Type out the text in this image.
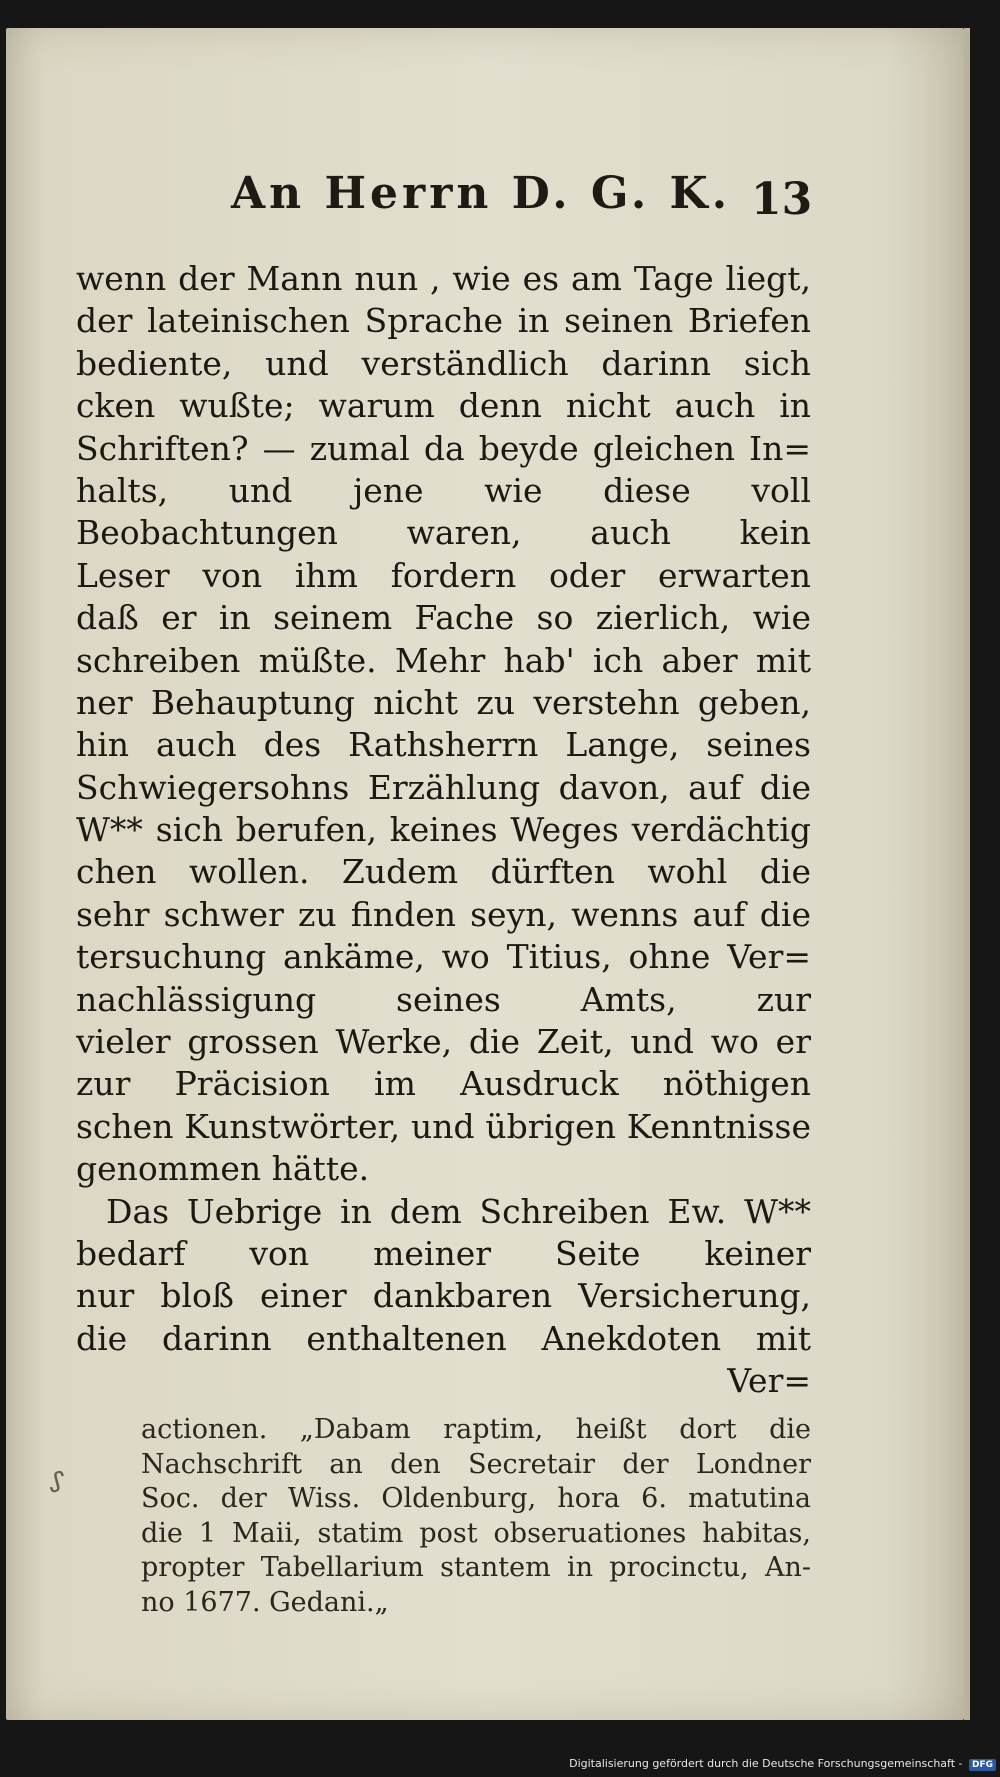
An Herrn D. G. K. 13
wenn der Mann nun , wie es am Tage liegt,
der lateinischen Sprache in seinen Briefen
bediente, und verständlich darinn sich
cken wußte; warum denn nicht auch in
Schriften? — zumal da beyde gleichen In=
halts, und jene wie diese voll
Beobachtungen waren, auch kein
Leser von ihm fordern oder erwarten
daß er in seinem Fache so zierlich, wie
schreiben müßte. Mehr hab' ich aber mit
ner Behauptung nicht zu verstehn geben,
hin auch des Rathsherrn Lange, seines
Schwiegersohns Erzählung davon, auf die
W** sich berufen, keines Weges verdächtig
chen wollen. Zudem dürften wohl die
sehr schwer zu finden seyn, wenns auf die
tersuchung ankäme, wo Titius, ohne Ver=
nachlässigung seines Amts, zur
vieler grossen Werke, die Zeit, und wo er
zur Präcision im Ausdruck nöthigen
schen Kunstwörter, und übrigen Kenntnisse
genommen hätte.
Das Uebrige in dem Schreiben Ew. W**
bedarf von meiner Seite keiner
nur bloß einer dankbaren Versicherung,
die darinn enthaltenen Anekdoten mit
Ver=
actionen. „Dabam raptim, heißt dort die
Nachschrift an den Secretair der Londner
Soc. der Wiss. Oldenburg, hora 6. matutina
die 1 Maii, statim post obseruationes habitas,
propter Tabellarium stantem in procinctu, An-
no 1677. Gedani.„
ᔑ
Digitalisierung gefördert durch die Deutsche Forschungsgemeinschaft - DFG
